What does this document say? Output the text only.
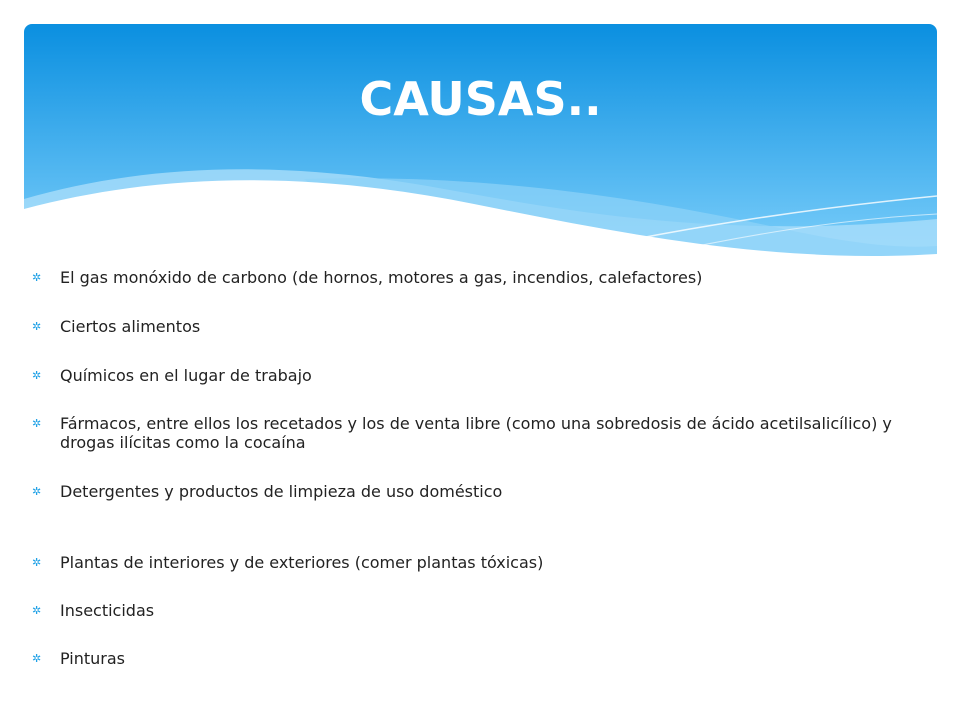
CAUSAS..
✲ El gas monóxido de carbono (de hornos, motores a gas, incendios, calefactores)
✲ Ciertos alimentos
✲ Químicos en el lugar de trabajo
✲ Fármacos, entre ellos los recetados y los de venta libre (como una sobredosis de ácido acetilsalicílico) y drogas ilícitas como la cocaína
✲ Detergentes y productos de limpieza de uso doméstico
✲ Plantas de interiores y de exteriores (comer plantas tóxicas)
✲ Insecticidas
✲ Pinturas
